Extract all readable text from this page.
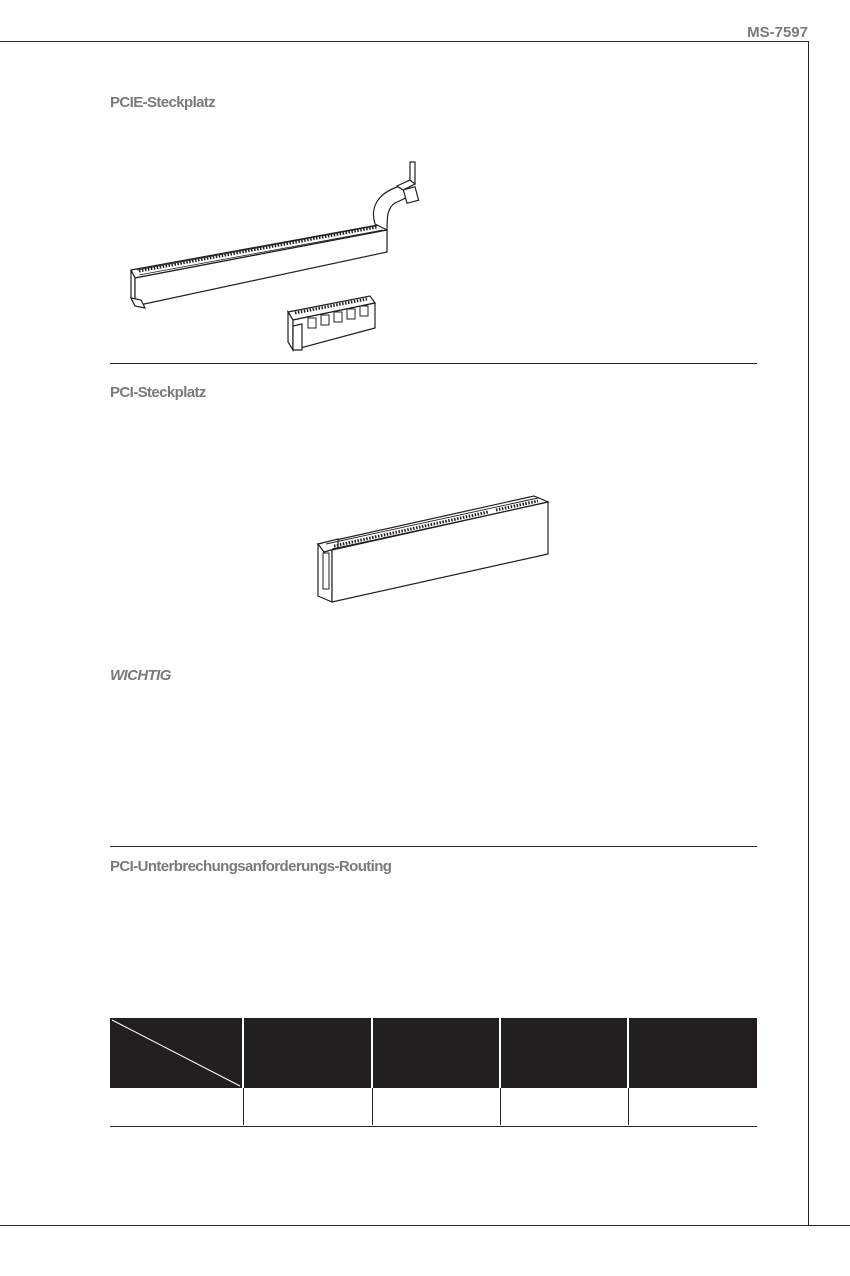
MS-7597
PCIE-Steckplatz
PCI-Steckplatz
WICHTIG
PCI-Unterbrechungsanforderungs-Routing
